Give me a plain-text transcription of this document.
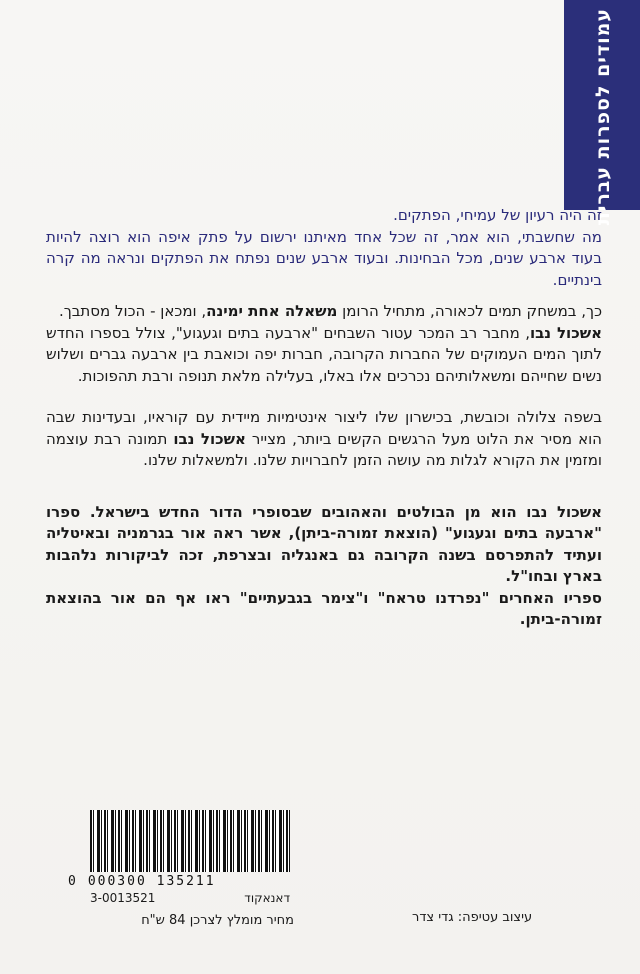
עמודים לספרות עברית

זה היה רעיון של עמיחי, הפתקים.

מה שחשבתי, הוא אמר, זה שכל אחד מאיתנו ירשום על פתק איפה הוא רוצה להיות בעוד ארבע שנים, מכל הבחינות. ובעוד ארבע שנים נפתח את הפתקים ונראה מה קרה בינתיים.

כך, במשחק תמים לכאורה, מתחיל הרומן משאלה אחת ימינה, ומכאן - הכול מסתבך.

אשכול נבו, מחבר רב המכר עטור השבחים "ארבעה בתים וגעגוע", צולל בספרו החדש לתוך המים העמוקים של החברות הקרובה, חברות יפה וכואבת בין ארבעה גברים ושלוש נשים שחייהם ומשאלותיהם נכרכים אלו באלו, בעלילה מלאת תנופה ורבת תהפוכות.

בשפה צלולה וכובשת, בכישרון שלו ליצור אינטימיות מיידית עם קוראיו, ובעדינות שבה הוא מסיר את הלוט מעל הרגשים הקשים ביותר, מצייר אשכול נבו תמונה רבת עוצמה ומזמין את הקורא לגלות מה עושה הזמן לחברויות שלנו. ולמשאלות שלנו.

אשכול נבו הוא מן הבולטים והאהובים שבסופרי הדור החדש בישראל. ספרו "ארבעה בתים וגעגוע" (הוצאת זמורה-ביתן), אשר ראה אור בגרמניה ובאיטליה ועתיד להתפרסם בשנה הקרובה גם באנגליה ובצרפת, זכה לביקורות נלהבות בארץ ובחו"ל.

ספריו האחרים "נפרדנו טראח" ו"צימר בגבעתיים" ראו אף הם אור בהוצאת זמורה-ביתן.

0 000300 135211
3-0013521	דאנאקוד
מחיר מומלץ לצרכן 84 ש"ח	עיצוב עטיפה: גדי צדר
